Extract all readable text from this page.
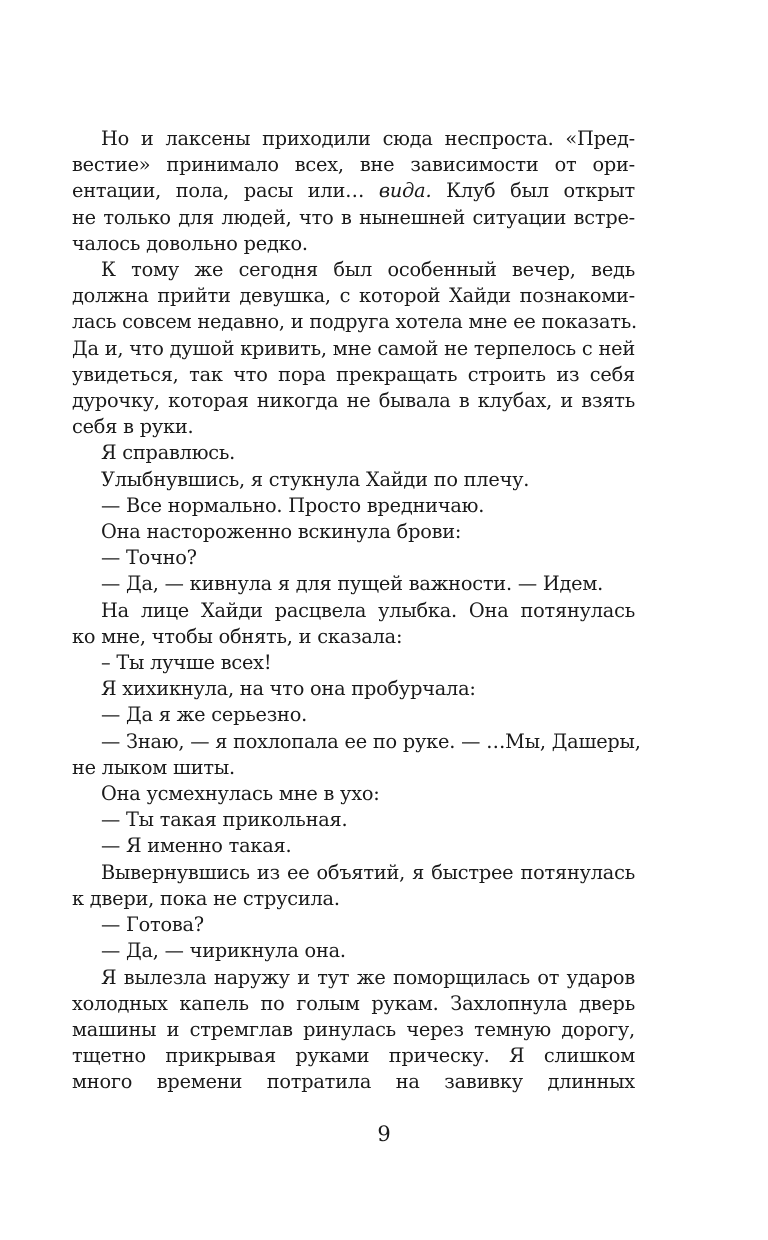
Но и лаксены приходили сюда неспроста. «Пред-
вестие» принимало всех, вне зависимости от ори-
ентации, пола, расы или… вида. Клуб был открыт
не только для людей, что в нынешней ситуации встре-
чалось довольно редко.
К тому же сегодня был особенный вечер, ведь
должна прийти девушка, с которой Хайди познакоми-
лась совсем недавно, и подруга хотела мне ее показать.
Да и, что душой кривить, мне самой не терпелось с ней
увидеться, так что пора прекращать строить из себя
дурочку, которая никогда не бывала в клубах, и взять
себя в руки.
Я справлюсь.
Улыбнувшись, я стукнула Хайди по плечу.
— Все нормально. Просто вредничаю.
Она настороженно вскинула брови:
— Точно?
— Да, — кивнула я для пущей важности. — Идем.
На лице Хайди расцвела улыбка. Она потянулась
ко мне, чтобы обнять, и сказала:
– Ты лучше всех!
Я хихикнула, на что она пробурчала:
— Да я же серьезно.
— Знаю, — я похлопала ее по руке. — …Мы, Дашеры,
не лыком шиты.
Она усмехнулась мне в ухо:
— Ты такая прикольная.
— Я именно такая.
Вывернувшись из ее объятий, я быстрее потянулась
к двери, пока не струсила.
— Готова?
— Да, — чирикнула она.
Я вылезла наружу и тут же поморщилась от ударов
холодных капель по голым рукам. Захлопнула дверь
машины и стремглав ринулась через темную дорогу,
тщетно прикрывая руками прическу. Я слишком
много времени потратила на завивку длинных
9
